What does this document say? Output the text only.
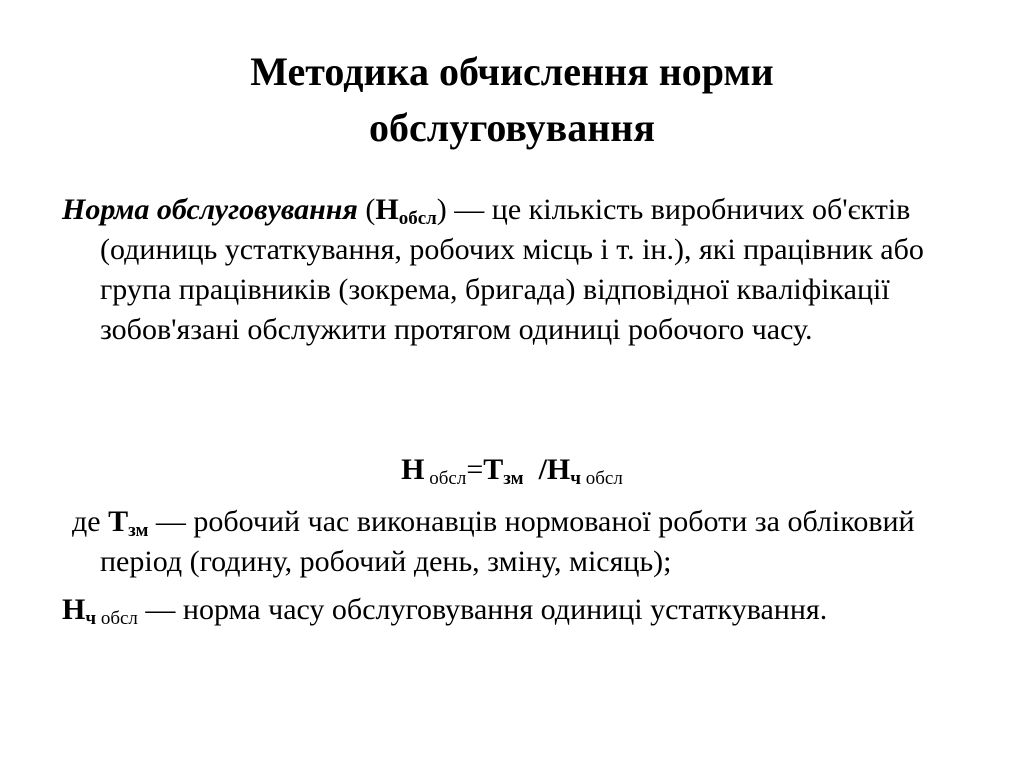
Методика обчислення норми
обслуговування

Норма обслуговування $(Н_{обсл})$ — це кількість виробничих об'єктів (одиниць устаткування, робочих місць і т. ін.), які працівник або група працівників (зокрема, бригада) відповідної кваліфікації зобов'язані обслужити протягом одиниці робочого часу.

Н $_{обсл}=Т_{зм}$  $/Н_ч$ $_{обсл}$

де $Т_{зм}$ — робочий час виконавців нормованої роботи за обліковий період (годину, робочий день, зміну, місяць);

$Н_ч$ $_{обсл}$ — норма часу обслуговування одиниці устаткування.
